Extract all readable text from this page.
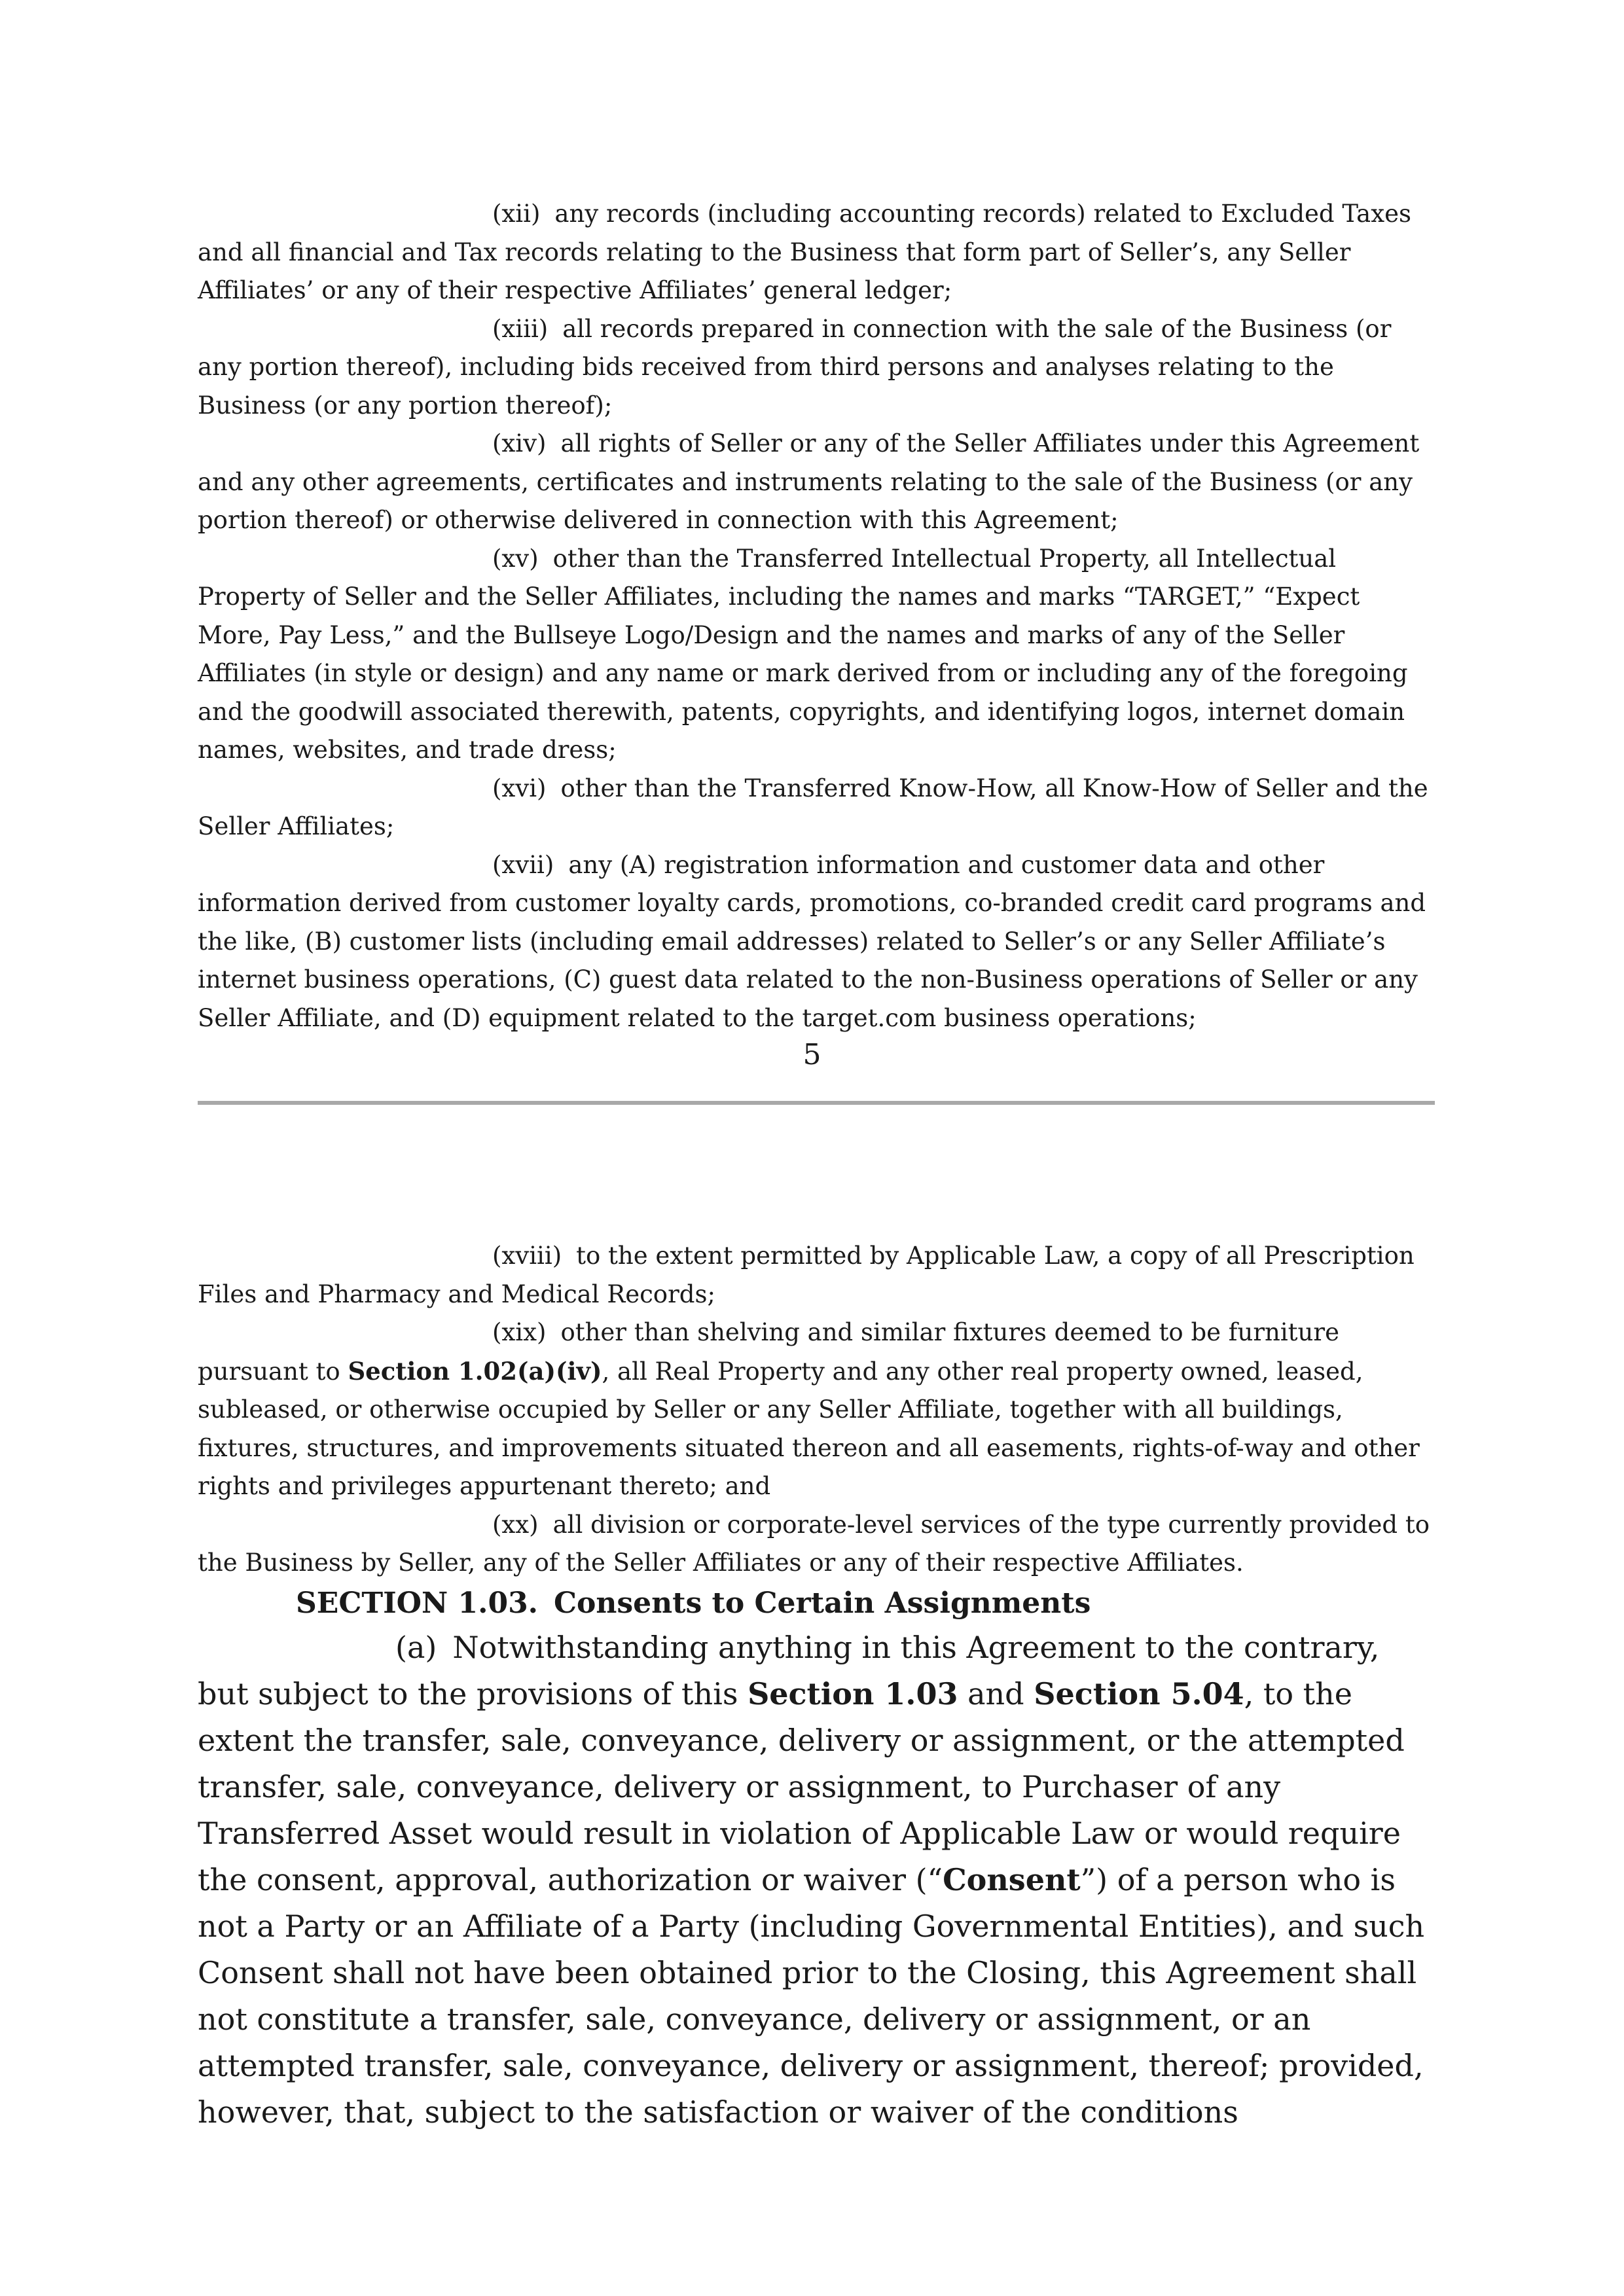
(xii) any records (including accounting records) related to Excluded Taxes and all financial and Tax records relating to the Business that form part of Seller’s, any Seller Affiliates’ or any of their respective Affiliates’ general ledger;

(xiii) all records prepared in connection with the sale of the Business (or any portion thereof), including bids received from third persons and analyses relating to the Business (or any portion thereof);

(xiv) all rights of Seller or any of the Seller Affiliates under this Agreement and any other agreements, certificates and instruments relating to the sale of the Business (or any portion thereof) or otherwise delivered in connection with this Agreement;

(xv) other than the Transferred Intellectual Property, all Intellectual Property of Seller and the Seller Affiliates, including the names and marks “TARGET,” “Expect More, Pay Less,” and the Bullseye Logo/Design and the names and marks of any of the Seller Affiliates (in style or design) and any name or mark derived from or including any of the foregoing and the goodwill associated therewith, patents, copyrights, and identifying logos, internet domain names, websites, and trade dress;

(xvi) other than the Transferred Know-How, all Know-How of Seller and the Seller Affiliates;

(xvii) any (A) registration information and customer data and other information derived from customer loyalty cards, promotions, co-branded credit card programs and the like, (B) customer lists (including email addresses) related to Seller’s or any Seller Affiliate’s internet business operations, (C) guest data related to the non-Business operations of Seller or any Seller Affiliate, and (D) equipment related to the target.com business operations;

5

(xviii) to the extent permitted by Applicable Law, a copy of all Prescription Files and Pharmacy and Medical Records;

(xix) other than shelving and similar fixtures deemed to be furniture pursuant to Section 1.02(a)(iv), all Real Property and any other real property owned, leased, subleased, or otherwise occupied by Seller or any Seller Affiliate, together with all buildings, fixtures, structures, and improvements situated thereon and all easements, rights-of-way and other rights and privileges appurtenant thereto; and

(xx) all division or corporate-level services of the type currently provided to the Business by Seller, any of the Seller Affiliates or any of their respective Affiliates.

SECTION 1.03. Consents to Certain Assignments

(a) Notwithstanding anything in this Agreement to the contrary, but subject to the provisions of this Section 1.03 and Section 5.04, to the extent the transfer, sale, conveyance, delivery or assignment, or the attempted transfer, sale, conveyance, delivery or assignment, to Purchaser of any Transferred Asset would result in violation of Applicable Law or would require the consent, approval, authorization or waiver (“Consent”) of a person who is not a Party or an Affiliate of a Party (including Governmental Entities), and such Consent shall not have been obtained prior to the Closing, this Agreement shall not constitute a transfer, sale, conveyance, delivery or assignment, or an attempted transfer, sale, conveyance, delivery or assignment, thereof; provided, however, that, subject to the satisfaction or waiver of the conditions
